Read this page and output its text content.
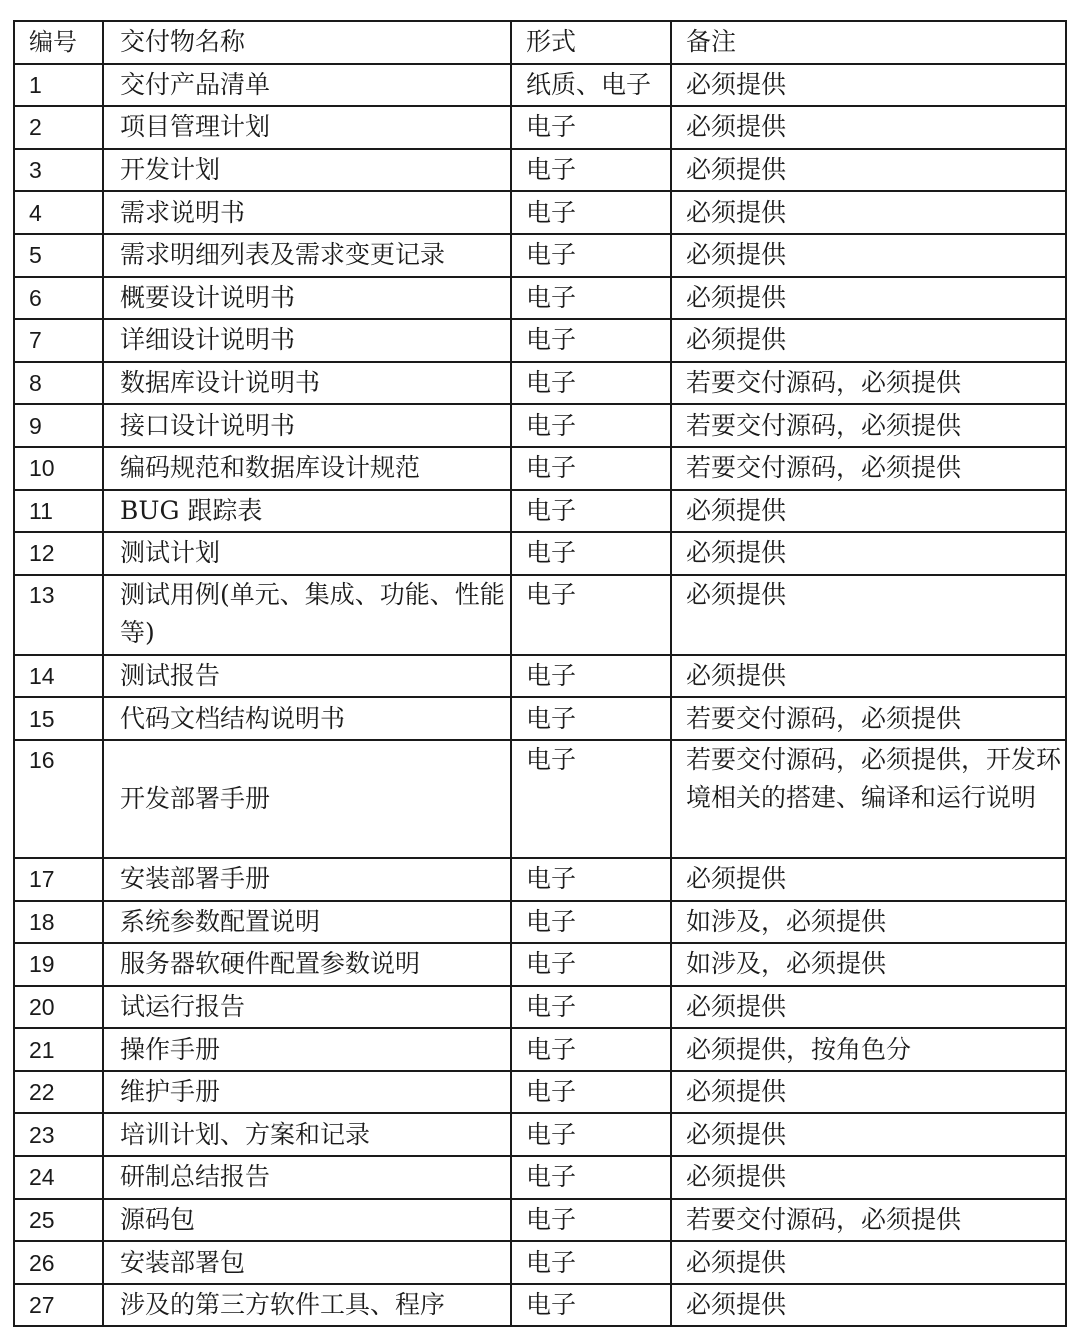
编号	交付物名称	形式	备注
1	交付产品清单	纸质、电子	必须提供
2	项目管理计划	电子	必须提供
3	开发计划	电子	必须提供
4	需求说明书	电子	必须提供
5	需求明细列表及需求变更记录	电子	必须提供
6	概要设计说明书	电子	必须提供
7	详细设计说明书	电子	必须提供
8	数据库设计说明书	电子	若要交付源码，必须提供
9	接口设计说明书	电子	若要交付源码，必须提供
10	编码规范和数据库设计规范	电子	若要交付源码，必须提供
11	BUG 跟踪表	电子	必须提供
12	测试计划	电子	必须提供
13	测试用例(单元、集成、功能、性能等)	电子	必须提供
14	测试报告	电子	必须提供
15	代码文档结构说明书	电子	若要交付源码，必须提供
16	开发部署手册	电子	若要交付源码，必须提供，开发环境相关的搭建、编译和运行说明
17	安装部署手册	电子	必须提供
18	系统参数配置说明	电子	如涉及，必须提供
19	服务器软硬件配置参数说明	电子	如涉及，必须提供
20	试运行报告	电子	必须提供
21	操作手册	电子	必须提供，按角色分
22	维护手册	电子	必须提供
23	培训计划、方案和记录	电子	必须提供
24	研制总结报告	电子	必须提供
25	源码包	电子	若要交付源码，必须提供
26	安装部署包	电子	必须提供
27	涉及的第三方软件工具、程序	电子	必须提供
